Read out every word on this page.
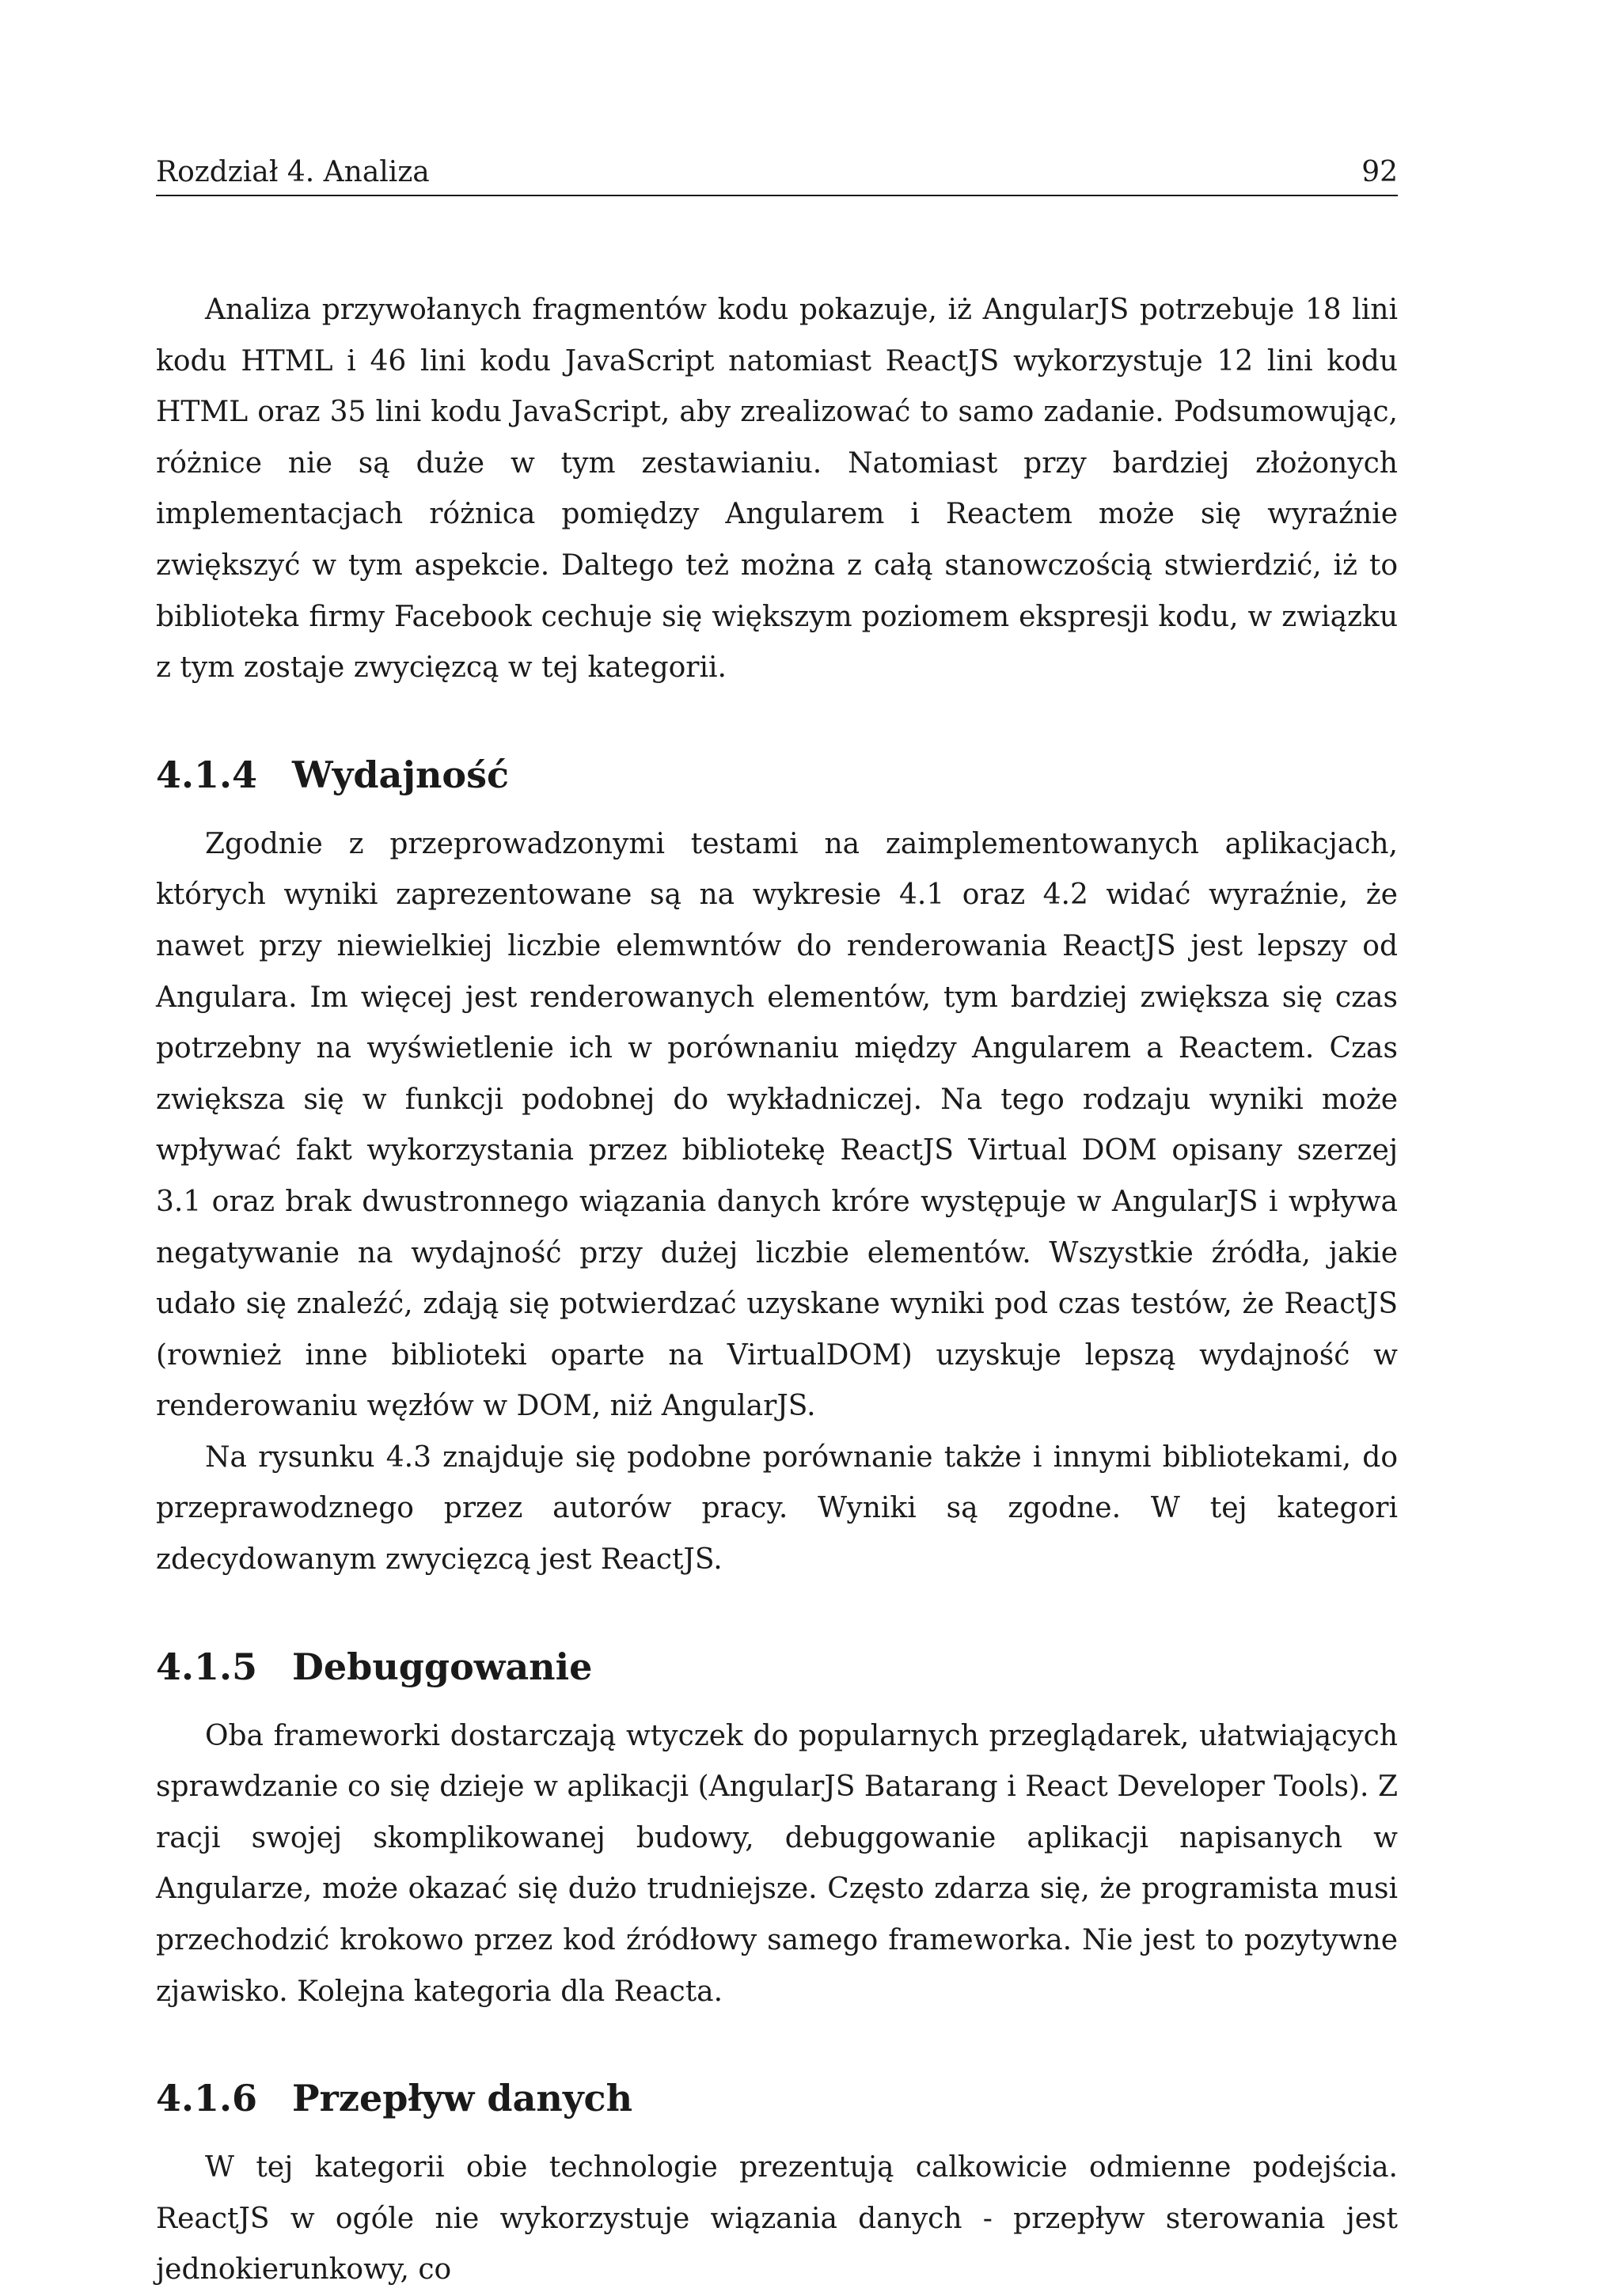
Rozdział 4. Analiza	92

Analiza przywołanych fragmentów kodu pokazuje, iż AngularJS potrzebuje 18 lini kodu HTML i 46 lini kodu JavaScript natomiast ReactJS wykorzystuje 12 lini kodu HTML oraz 35 lini kodu JavaScript, aby zrealizować to samo zadanie. Podsumowując, różnice nie są duże w tym zestawianiu. Natomiast przy bardziej złożonych implementacjach różnica pomiędzy Angularem i Reactem może się wyraźnie zwiększyć w tym aspekcie. Daltego też można z całą stanowczością stwierdzić, iż to biblioteka firmy Facebook cechuje się większym poziomem ekspresji kodu, w związku z tym zostaje zwycięzcą w tej kategorii.

4.1.4 Wydajność

Zgodnie z przeprowadzonymi testami na zaimplementowanych aplikacjach, których wyniki zaprezentowane są na wykresie 4.1 oraz 4.2 widać wyraźnie, że nawet przy niewielkiej liczbie elemwntów do renderowania ReactJS jest lepszy od Angulara. Im więcej jest renderowanych elementów, tym bardziej zwiększa się czas potrzebny na wyświetlenie ich w porównaniu między Angularem a Reactem. Czas zwiększa się w funkcji podobnej do wykładniczej. Na tego rodzaju wyniki może wpływać fakt wykorzystania przez bibliotekę ReactJS Virtual DOM opisany szerzej 3.1 oraz brak dwustronnego wiązania danych króre występuje w AngularJS i wpływa negatywanie na wydajność przy dużej liczbie elementów. Wszystkie źródła, jakie udało się znaleźć, zdają się potwierdzać uzyskane wyniki pod czas testów, że ReactJS (rownież inne biblioteki oparte na VirtualDOM) uzyskuje lepszą wydajność w renderowaniu węzłów w DOM, niż AngularJS.

Na rysunku 4.3 znajduje się podobne porównanie także i innymi bibliotekami, do przeprawodznego przez autorów pracy. Wyniki są zgodne. W tej kategori zdecydowanym zwycięzcą jest ReactJS.

4.1.5 Debuggowanie

Oba frameworki dostarczają wtyczek do popularnych przeglądarek, ułatwiających sprawdzanie co się dzieje w aplikacji (AngularJS Batarang i React Developer Tools). Z racji swojej skomplikowanej budowy, debuggowanie aplikacji napisanych w Angularze, może okazać się dużo trudniejsze. Często zdarza się, że programista musi przechodzić krokowo przez kod źródłowy samego frameworka. Nie jest to pozytywne zjawisko. Kolejna kategoria dla Reacta.

4.1.6 Przepływ danych

W tej kategorii obie technologie prezentują calkowicie odmienne podejścia. ReactJS w ogóle nie wykorzystuje wiązania danych - przepływ sterowania jest jednokierunkowy, co
